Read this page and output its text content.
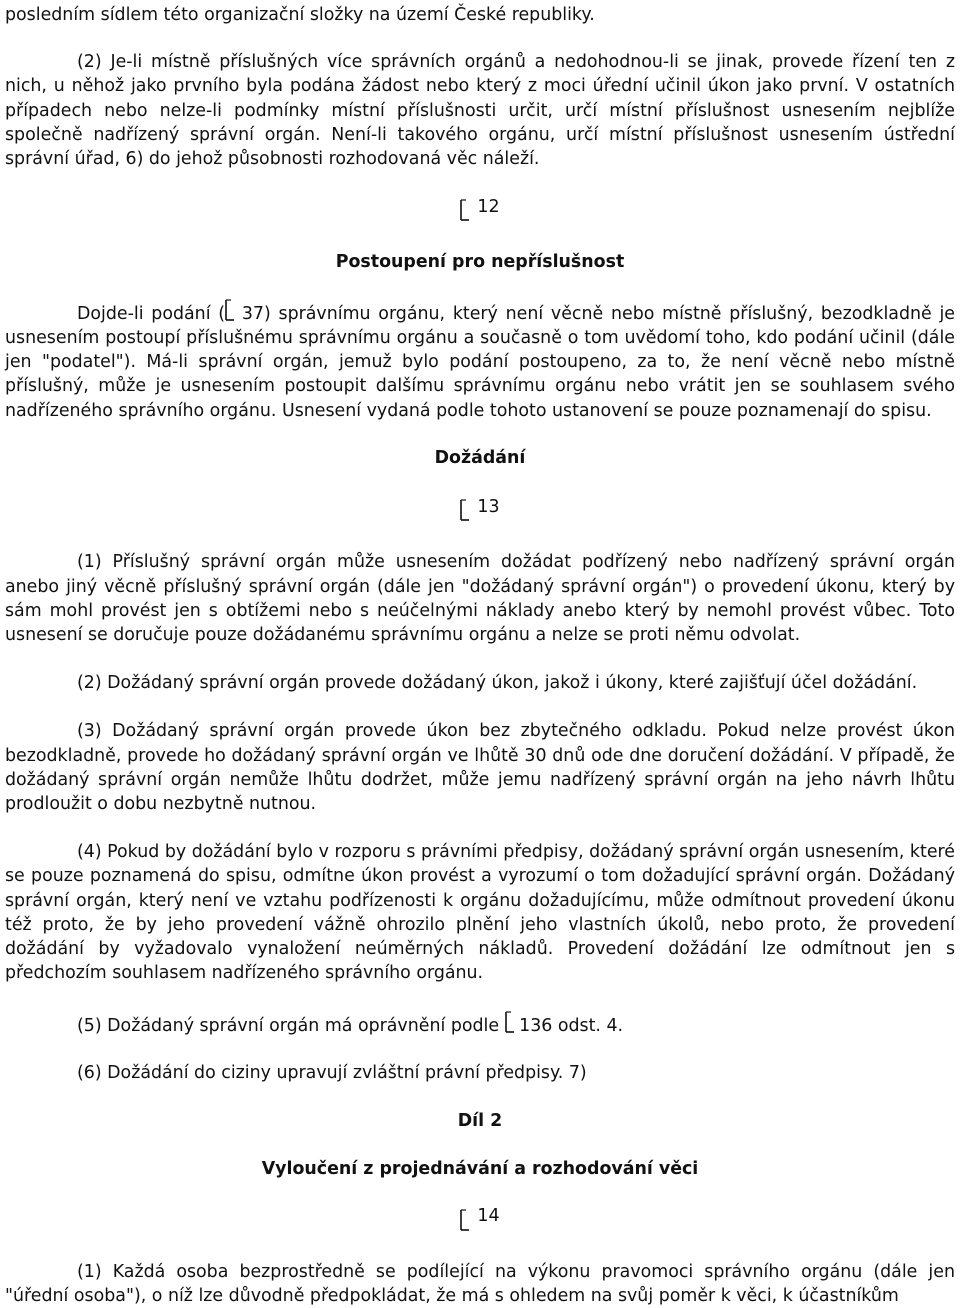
posledním sídlem této organizační složky na území České republiky.

(2) Je-li místně příslušných více správních orgánů a nedohodnou-li se jinak, provede řízení ten z nich, u něhož jako prvního byla podána žádost nebo který z moci úřední učinil úkon jako první. V ostatních případech nebo nelze-li podmínky místní příslušnosti určit, určí místní příslušnost usnesením nejblíže společně nadřízený správní orgán. Není-li takového orgánu, určí místní příslušnost usnesením ústřední správní úřad, 6) do jehož působnosti rozhodovaná věc náleží.

12

Postoupení pro nepříslušnost

Dojde-li podání ( 37) správnímu orgánu, který není věcně nebo místně příslušný, bezodkladně je usnesením postoupí příslušnému správnímu orgánu a současně o tom uvědomí toho, kdo podání učinil (dále jen "podatel"). Má-li správní orgán, jemuž bylo podání postoupeno, za to, že není věcně nebo místně příslušný, může je usnesením postoupit dalšímu správnímu orgánu nebo vrátit jen se souhlasem svého nadřízeného správního orgánu. Usnesení vydaná podle tohoto ustanovení se pouze poznamenají do spisu.

Dožádání

13

(1) Příslušný správní orgán může usnesením dožádat podřízený nebo nadřízený správní orgán anebo jiný věcně příslušný správní orgán (dále jen "dožádaný správní orgán") o provedení úkonu, který by sám mohl provést jen s obtížemi nebo s neúčelnými náklady anebo který by nemohl provést vůbec. Toto usnesení se doručuje pouze dožádanému správnímu orgánu a nelze se proti němu odvolat.

(2) Dožádaný správní orgán provede dožádaný úkon, jakož i úkony, které zajišťují účel dožádání.

(3) Dožádaný správní orgán provede úkon bez zbytečného odkladu. Pokud nelze provést úkon bezodkladně, provede ho dožádaný správní orgán ve lhůtě 30 dnů ode dne doručení dožádání. V případě, že dožádaný správní orgán nemůže lhůtu dodržet, může jemu nadřízený správní orgán na jeho návrh lhůtu prodloužit o dobu nezbytně nutnou.

(4) Pokud by dožádání bylo v rozporu s právními předpisy, dožádaný správní orgán usnesením, které se pouze poznamená do spisu, odmítne úkon provést a vyrozumí o tom dožadující správní orgán. Dožádaný správní orgán, který není ve vztahu podřízenosti k orgánu dožadujícímu, může odmítnout provedení úkonu též proto, že by jeho provedení vážně ohrozilo plnění jeho vlastních úkolů, nebo proto, že provedení dožádání by vyžadovalo vynaložení neúměrných nákladů. Provedení dožádání lze odmítnout jen s předchozím souhlasem nadřízeného správního orgánu.

(5) Dožádaný správní orgán má oprávnění podle 136 odst. 4.

(6) Dožádání do ciziny upravují zvláštní právní předpisy. 7)

Díl 2

Vyloučení z projednávání a rozhodování věci

14

(1) Každá osoba bezprostředně se podílející na výkonu pravomoci správního orgánu (dále jen "úřední osoba"), o níž lze důvodně předpokládat, že má s ohledem na svůj poměr k věci, k účastníkům
